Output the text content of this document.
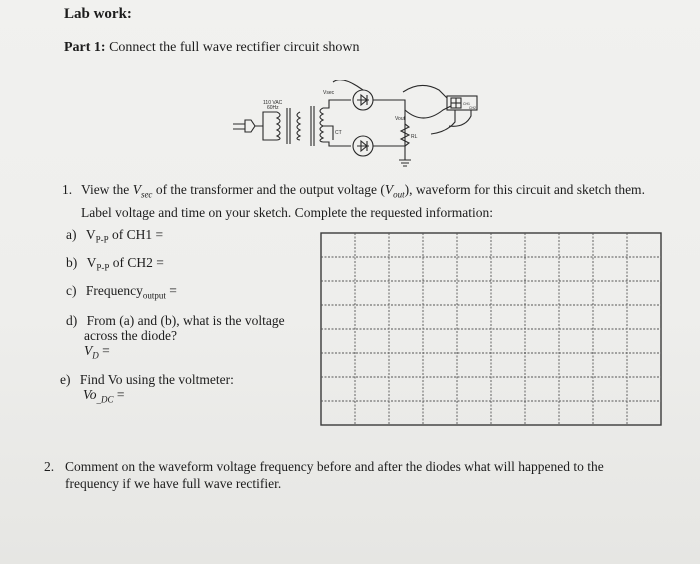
Lab work:
Part 1: Connect the full wave rectifier circuit shown
110 VAC
60Hz
Vsec
CT
Vout
RL
CH1
CH2
1. View the $V_{sec}$ of the transformer and the output voltage $(V_{out})$, waveform for this circuit and sketch them.
Label voltage and time on your sketch. Complete the requested information:
a) $V_{P-P}$ of CH1 =
b) $V_{P-P}$ of CH2 =
c) Frequency$_{output}$ =
d) From (a) and (b), what is the voltage
across the diode?
$V_D$ =
e) Find Vo using the voltmeter:
$Vo_{\_DC}$ =
2. Comment on the waveform voltage frequency before and after the diodes what will happened to the
frequency if we have full wave rectifier.
